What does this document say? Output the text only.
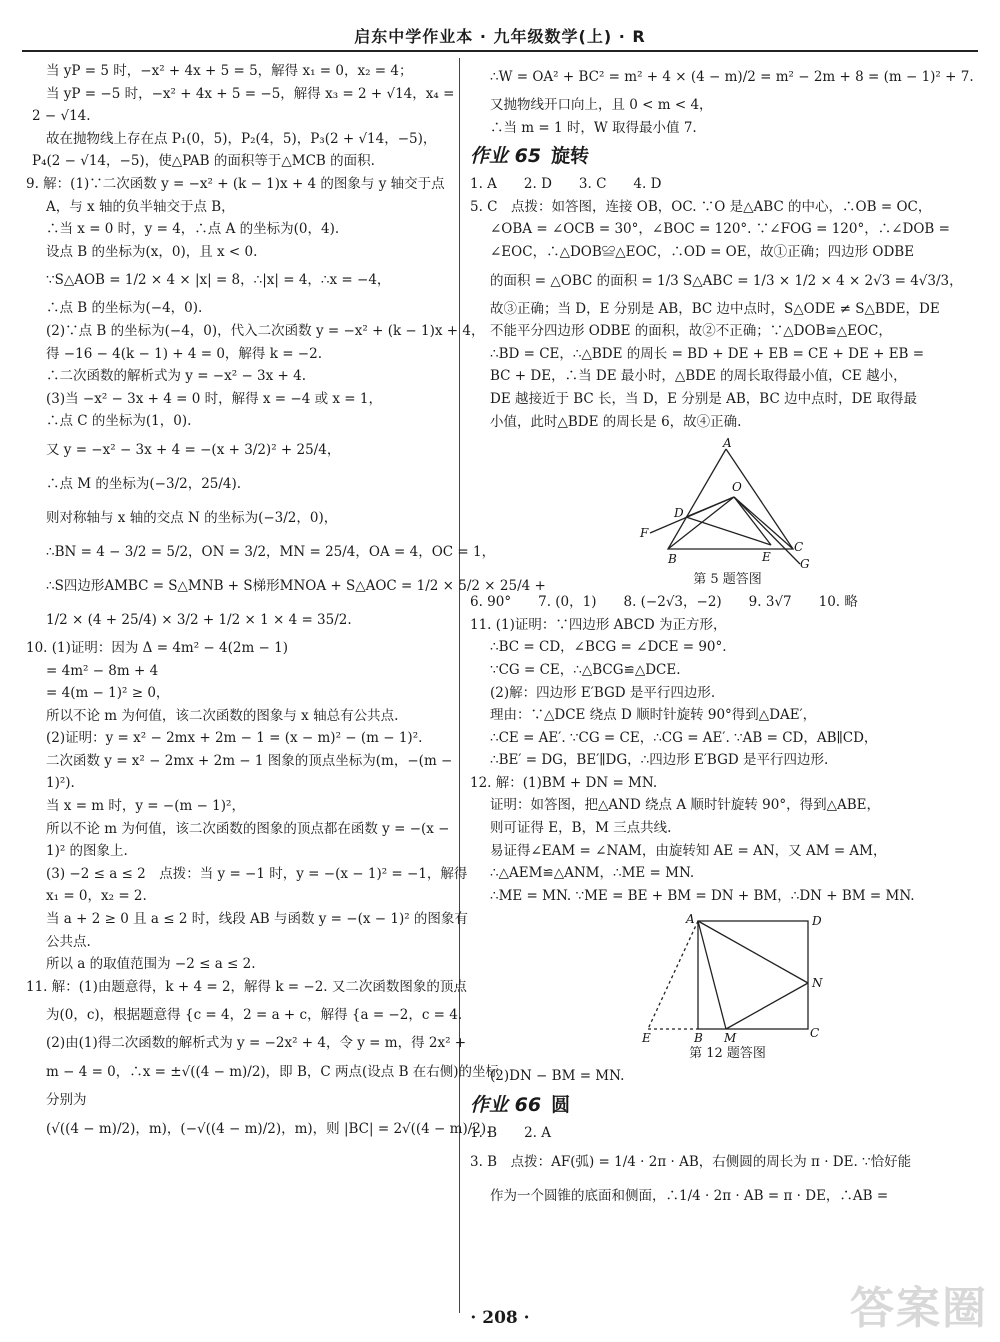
启东中学作业本 · 九年级数学(上) · R
当 yP = 5 时，−x² + 4x + 5 = 5，解得 x₁ = 0，x₂ = 4；
当 yP = −5 时，−x² + 4x + 5 = −5，解得 x₃ = 2 + √14，x₄ =
2 − √14.
故在抛物线上存在点 P₁(0，5)，P₂(4，5)，P₃(2 + √14，−5)，
P₄(2 − √14，−5)，使△PAB 的面积等于△MCB 的面积.
9. 解：(1)∵二次函数 y = −x² + (k − 1)x + 4 的图象与 y 轴交于点
A，与 x 轴的负半轴交于点 B，
∴当 x = 0 时，y = 4，∴点 A 的坐标为(0，4).
设点 B 的坐标为(x，0)，且 x < 0.
∵S△AOB = 1/2 × 4 × |x| = 8，∴|x| = 4，∴x = −4，
∴点 B 的坐标为(−4，0).
(2)∵点 B 的坐标为(−4，0)，代入二次函数 y = −x² + (k − 1)x + 4，
得 −16 − 4(k − 1) + 4 = 0，解得 k = −2.
∴二次函数的解析式为 y = −x² − 3x + 4.
(3)当 −x² − 3x + 4 = 0 时，解得 x = −4 或 x = 1，
∴点 C 的坐标为(1，0).
又 y = −x² − 3x + 4 = −(x + 3/2)² + 25/4，
∴点 M 的坐标为(−3/2，25/4).
则对称轴与 x 轴的交点 N 的坐标为(−3/2，0)，
∴BN = 4 − 3/2 = 5/2，ON = 3/2，MN = 25/4，OA = 4，OC = 1，
∴S四边形AMBC = S△MNB + S梯形MNOA + S△AOC = 1/2 × 5/2 × 25/4 +
1/2 × (4 + 25/4) × 3/2 + 1/2 × 1 × 4 = 35/2.
10. (1)证明：因为 Δ = 4m² − 4(2m − 1)
= 4m² − 8m + 4
= 4(m − 1)² ≥ 0，
所以不论 m 为何值，该二次函数的图象与 x 轴总有公共点.
(2)证明：y = x² − 2mx + 2m − 1 = (x − m)² − (m − 1)².
二次函数 y = x² − 2mx + 2m − 1 图象的顶点坐标为(m，−(m −
1)²).
当 x = m 时，y = −(m − 1)²，
所以不论 m 为何值，该二次函数的图象的顶点都在函数 y = −(x −
1)² 的图象上.
(3) −2 ≤ a ≤ 2　点拨：当 y = −1 时，y = −(x − 1)² = −1，解得
x₁ = 0，x₂ = 2.
当 a + 2 ≥ 0 且 a ≤ 2 时，线段 AB 与函数 y = −(x − 1)² 的图象有
公共点.
所以 a 的取值范围为 −2 ≤ a ≤ 2.
11. 解：(1)由题意得，k + 4 = 2，解得 k = −2. 又二次函数图象的顶点
为(0，c)，根据题意得 {c = 4，2 = a + c，解得 {a = −2，c = 4.
(2)由(1)得二次函数的解析式为 y = −2x² + 4，令 y = m，得 2x² +
m − 4 = 0，∴x = ±√((4 − m)/2)，即 B，C 两点(设点 B 在右侧)的坐标
分别为
(√((4 − m)/2)，m)，(−√((4 − m)/2)，m)，则 |BC| = 2√((4 − m)/2).
∴W = OA² + BC² = m² + 4 × (4 − m)/2 = m² − 2m + 8 = (m − 1)² + 7.
又抛物线开口向上，且 0 < m < 4，
∴当 m = 1 时，W 取得最小值 7.
作业 65 旋转
1. A　　2. D　　3. C　　4. D
5. C　点拨：如答图，连接 OB，OC. ∵O 是△ABC 的中心，∴OB = OC，
∠OBA = ∠OCB = 30°，∠BOC = 120°. ∵∠FOG = 120°，∴∠DOB =
∠EOC，∴△DOB≌△EOC，∴OD = OE，故①正确；四边形 ODBE
的面积 = △OBC 的面积 = 1/3 S△ABC = 1/3 × 1/2 × 4 × 2√3 = 4√3/3，
故③正确；当 D，E 分别是 AB，BC 边中点时，S△ODE ≠ S△BDE，DE
不能平分四边形 ODBE 的面积，故②不正确；∵△DOB≌△EOC，
∴BD = CE，∴△BDE 的周长 = BD + DE + EB = CE + DE + EB =
BC + DE，∴当 DE 最小时，△BDE 的周长取得最小值，CE 越小，
DE 越接近于 BC 长，当 D，E 分别是 AB，BC 边中点时，DE 取得最
小值，此时△BDE 的周长是 6，故④正确.
A
D
O
F
B	E
C
G
第 5 题答图
6. 90°　　7. (0，1)　　8. (−2√3，−2)　　9. 3√7　　10. 略
11. (1)证明：∵四边形 ABCD 为正方形，
∴BC = CD，∠BCG = ∠DCE = 90°.
∵CG = CE，∴△BCG≌△DCE.
(2)解：四边形 E′BGD 是平行四边形.
理由：∵△DCE 绕点 D 顺时针旋转 90°得到△DAE′，
∴CE = AE′. ∵CG = CE，∴CG = AE′. ∵AB = CD，AB∥CD，
∴BE′ = DG，BE′∥DG，∴四边形 E′BGD 是平行四边形.
12. 解：(1)BM + DN = MN.
证明：如答图，把△AND 绕点 A 顺时针旋转 90°，得到△ABE，
则可证得 E，B，M 三点共线.
易证得∠EAM = ∠NAM，由旋转知 AE = AN，又 AM = AM，
∴△AEM≌△ANM，∴ME = MN.
∴ME = MN. ∵ME = BE + BM = DN + BM，∴DN + BM = MN.
A	D
N
E	B M	C
第 12 题答图
(2)DN − BM = MN.
作业 66 圆
1. B　　2. A
3. B　点拨：AF(弧) = 1/4 · 2π · AB，右侧圆的周长为 π · DE. ∵恰好能
作为一个圆锥的底面和侧面，∴1/4 · 2π · AB = π · DE，∴AB =
· 208 ·	答案圈
